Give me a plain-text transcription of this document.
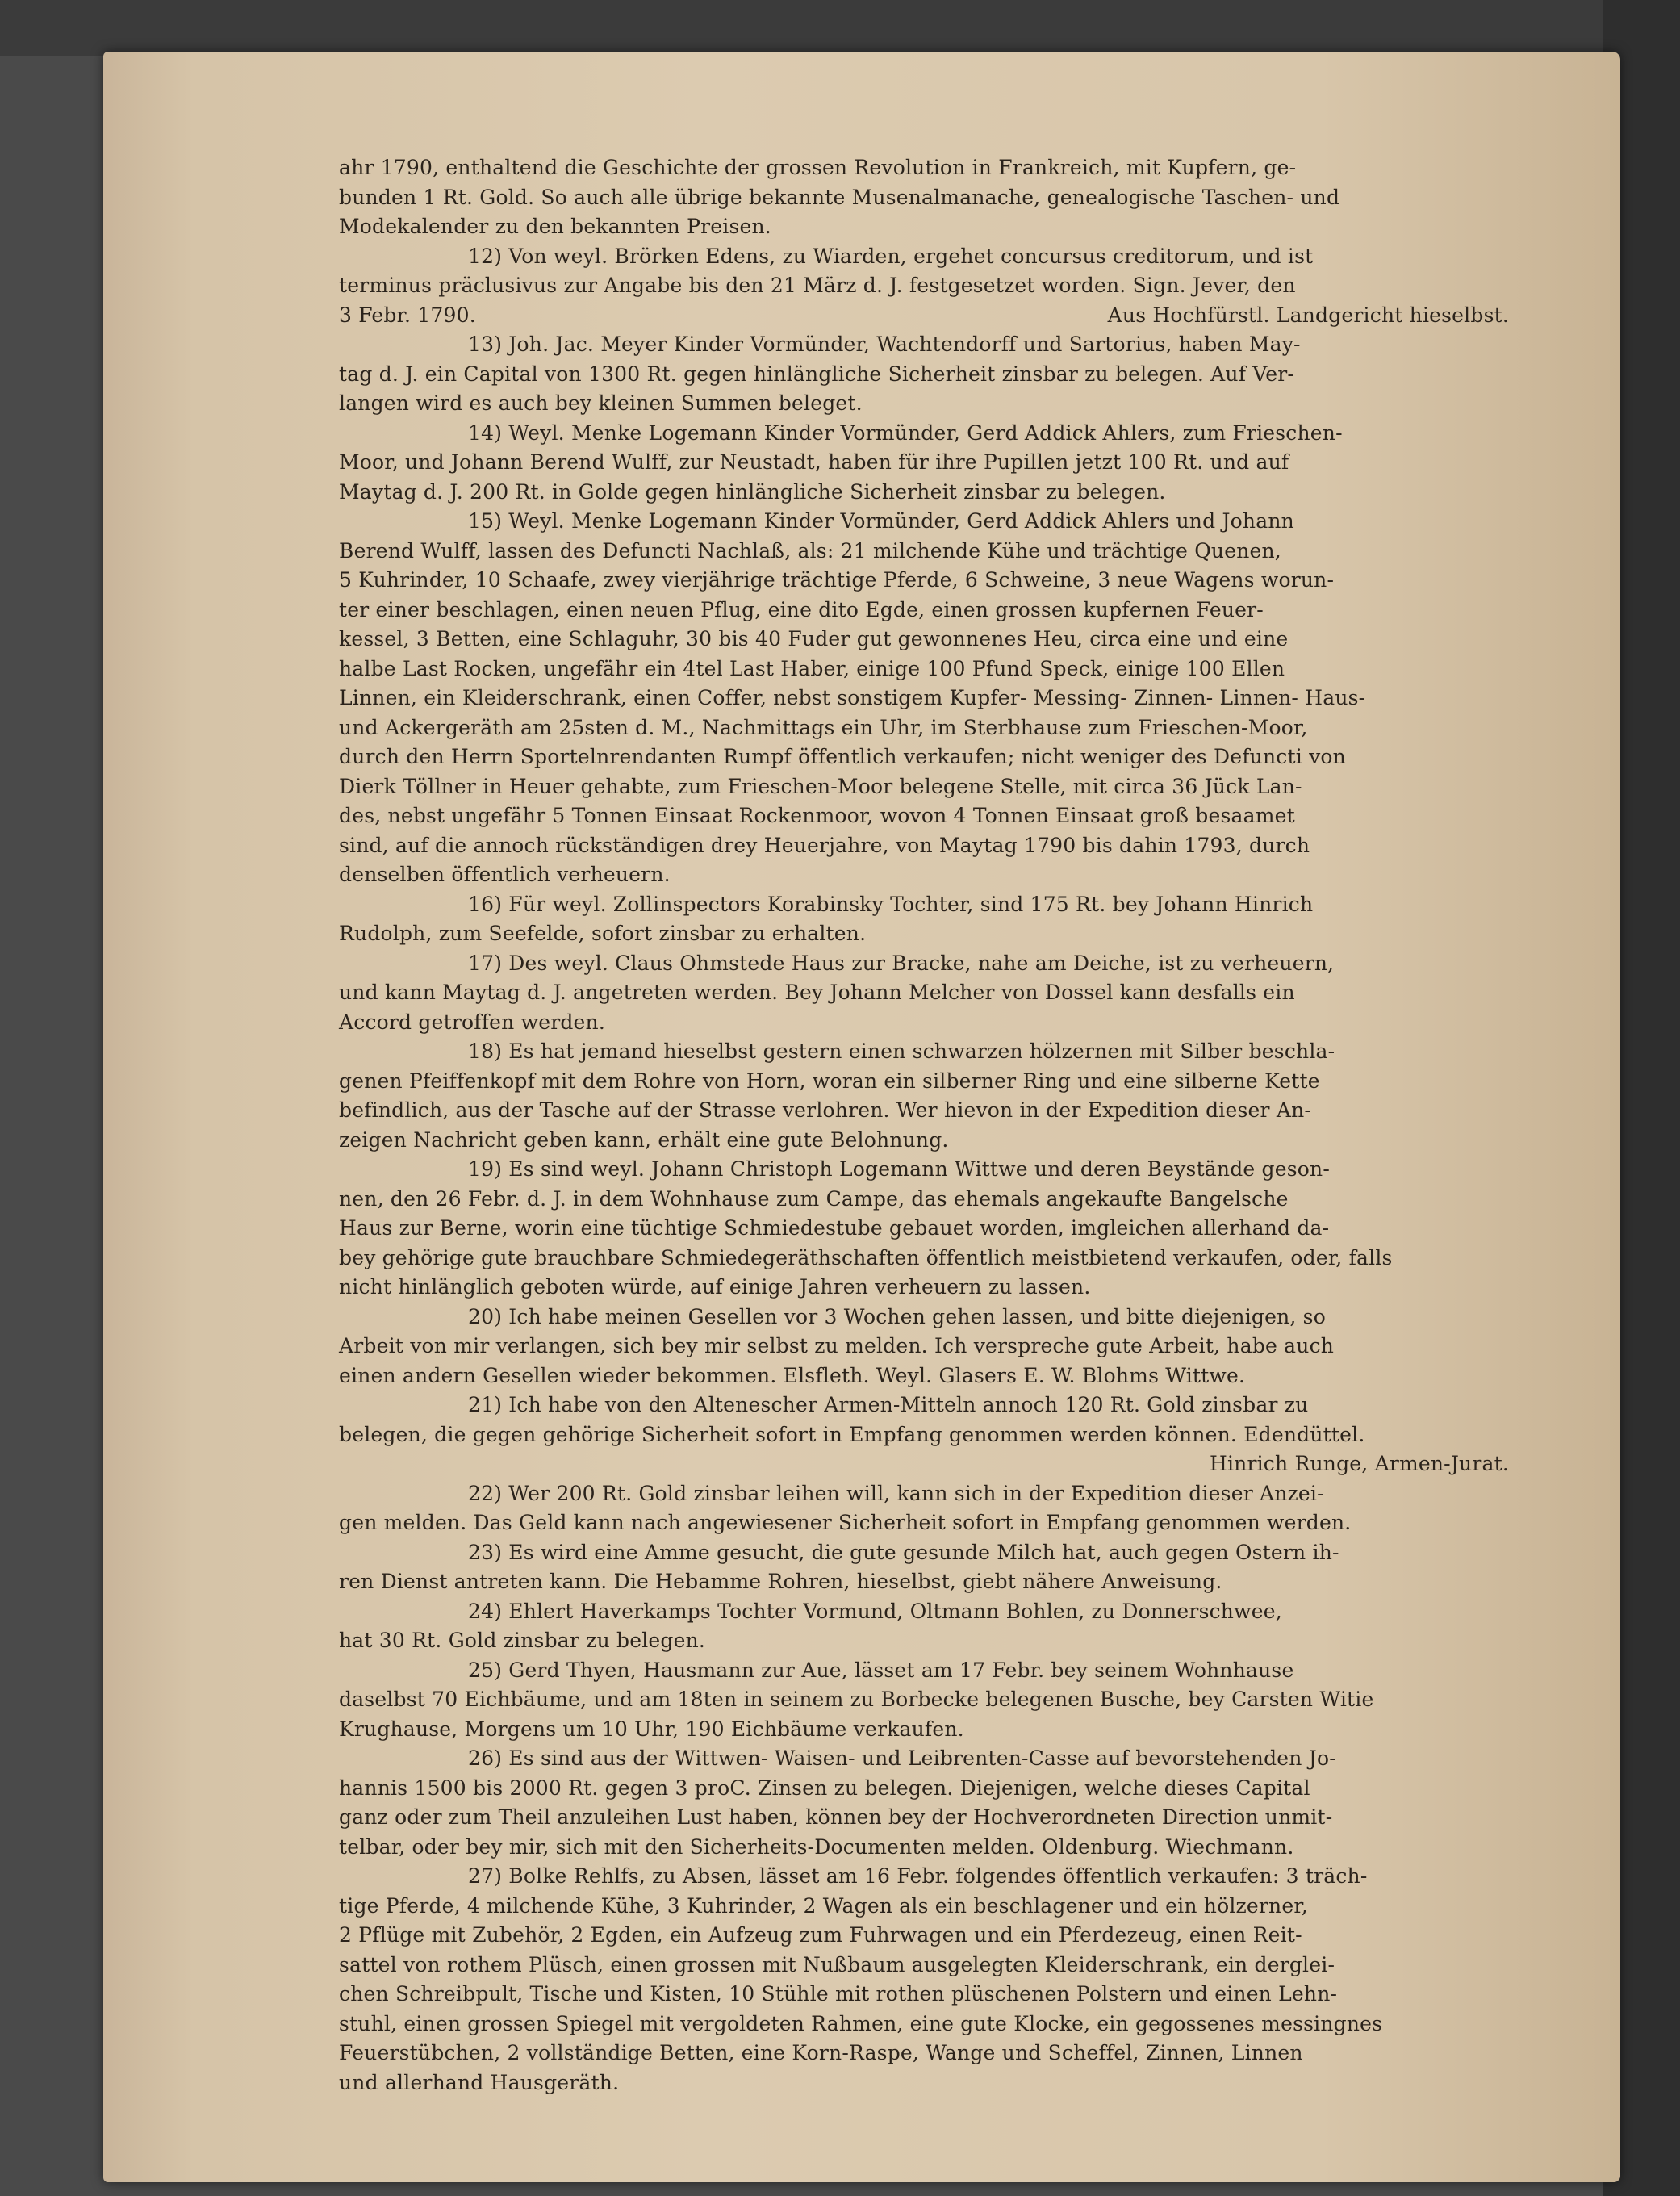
ahr 1790, enthaltend die Geschichte der grossen Revolution in Frankreich, mit Kupfern, ge-

bunden 1 Rt. Gold. So auch alle übrige bekannte Musenalmanache, genealogische Taschen- und

Modekalender zu den bekannten Preisen.

12) Von weyl. Brörken Edens, zu Wiarden, ergehet concursus creditorum, und ist

terminus präclusivus zur Angabe bis den 21 März d. J. festgesetzet worden. Sign. Jever, den

3 Febr. 1790.	Aus Hochfürstl. Landgericht hieselbst.

13) Joh. Jac. Meyer Kinder Vormünder, Wachtendorff und Sartorius, haben May-

tag d. J. ein Capital von 1300 Rt. gegen hinlängliche Sicherheit zinsbar zu belegen. Auf Ver-

langen wird es auch bey kleinen Summen beleget.

14) Weyl. Menke Logemann Kinder Vormünder, Gerd Addick Ahlers, zum Frieschen-

Moor, und Johann Berend Wulff, zur Neustadt, haben für ihre Pupillen jetzt 100 Rt. und auf

Maytag d. J. 200 Rt. in Golde gegen hinlängliche Sicherheit zinsbar zu belegen.

15) Weyl. Menke Logemann Kinder Vormünder, Gerd Addick Ahlers und Johann

Berend Wulff, lassen des Defuncti Nachlaß, als: 21 milchende Kühe und trächtige Quenen,

5 Kuhrinder, 10 Schaafe, zwey vierjährige trächtige Pferde, 6 Schweine, 3 neue Wagens worun-

ter einer beschlagen, einen neuen Pflug, eine dito Egde, einen grossen kupfernen Feuer-

kessel, 3 Betten, eine Schlaguhr, 30 bis 40 Fuder gut gewonnenes Heu, circa eine und eine

halbe Last Rocken, ungefähr ein 4tel Last Haber, einige 100 Pfund Speck, einige 100 Ellen

Linnen, ein Kleiderschrank, einen Coffer, nebst sonstigem Kupfer- Messing- Zinnen- Linnen- Haus-

und Ackergeräth am 25sten d. M., Nachmittags ein Uhr, im Sterbhause zum Frieschen-Moor,

durch den Herrn Sportelnrendanten Rumpf öffentlich verkaufen; nicht weniger des Defuncti von

Dierk Töllner in Heuer gehabte, zum Frieschen-Moor belegene Stelle, mit circa 36 Jück Lan-

des, nebst ungefähr 5 Tonnen Einsaat Rockenmoor, wovon 4 Tonnen Einsaat groß besaamet

sind, auf die annoch rückständigen drey Heuerjahre, von Maytag 1790 bis dahin 1793, durch

denselben öffentlich verheuern.

16) Für weyl. Zollinspectors Korabinsky Tochter, sind 175 Rt. bey Johann Hinrich

Rudolph, zum Seefelde, sofort zinsbar zu erhalten.

17) Des weyl. Claus Ohmstede Haus zur Bracke, nahe am Deiche, ist zu verheuern,

und kann Maytag d. J. angetreten werden. Bey Johann Melcher von Dossel kann desfalls ein

Accord getroffen werden.

18) Es hat jemand hieselbst gestern einen schwarzen hölzernen mit Silber beschla-

genen Pfeiffenkopf mit dem Rohre von Horn, woran ein silberner Ring und eine silberne Kette

befindlich, aus der Tasche auf der Strasse verlohren. Wer hievon in der Expedition dieser An-

zeigen Nachricht geben kann, erhält eine gute Belohnung.

19) Es sind weyl. Johann Christoph Logemann Wittwe und deren Beyständе geson-

nen, den 26 Febr. d. J. in dem Wohnhause zum Campe, das ehemals angekaufte Bangelsche

Haus zur Berne, worin eine tüchtige Schmiedestube gebauet worden, imgleichen allerhand da-

bey gehörige gute brauchbare Schmiedegeräthschaften öffentlich meistbietend verkaufen, oder, falls

nicht hinlänglich geboten würde, auf einige Jahren verheuern zu lassen.

20) Ich habe meinen Gesellen vor 3 Wochen gehen lassen, und bitte diejenigen, so

Arbeit von mir verlangen, sich bey mir selbst zu melden. Ich verspreche gute Arbeit, habe auch

einen andern Gesellen wieder bekommen. Elsfleth. Weyl. Glasers E. W. Blohms Wittwe.

21) Ich habe von den Altenescher Armen-Mitteln annoch 120 Rt. Gold zinsbar zu

belegen, die gegen gehörige Sicherheit sofort in Empfang genommen werden können. Edendüttel.

Hinrich Runge, Armen-Jurat.

22) Wer 200 Rt. Gold zinsbar leihen will, kann sich in der Expedition dieser Anzei-

gen melden. Das Geld kann nach angewiesener Sicherheit sofort in Empfang genommen werden.

23) Es wird eine Amme gesucht, die gute gesunde Milch hat, auch gegen Ostern ih-

ren Dienst antreten kann. Die Hebamme Rohren, hieselbst, giebt nähere Anweisung.

24) Ehlert Haverkamps Tochter Vormund, Oltmann Bohlen, zu Donnerschwee,

hat 30 Rt. Gold zinsbar zu belegen.

25) Gerd Thyen, Hausmann zur Aue, lässet am 17 Febr. bey seinem Wohnhause

daselbst 70 Eichbäume, und am 18ten in seinem zu Borbecke belegenen Busche, bey Carsten Witie

Krughause, Morgens um 10 Uhr, 190 Eichbäume verkaufen.

26) Es sind aus der Wittwen- Waisen- und Leibrenten-Casse auf bevorstehenden Jo-

hannis 1500 bis 2000 Rt. gegen 3 proC. Zinsen zu belegen. Diejenigen, welche dieses Capital

ganz oder zum Theil anzuleihen Lust haben, können bey der Hochverordneten Direction unmit-

telbar, oder bey mir, sich mit den Sicherheits-Documenten melden. Oldenburg. Wiechmann.

27) Bolke Rehlfs, zu Absen, lässet am 16 Febr. folgendes öffentlich verkaufen: 3 träch-

tige Pferde, 4 milchende Kühe, 3 Kuhrinder, 2 Wagen als ein beschlagener und ein hölzerner,

2 Pflüge mit Zubehör, 2 Egden, ein Aufzeug zum Fuhrwagen und ein Pferdezeug, einen Reit-

sattel von rothem Plüsch, einen grossen mit Nußbaum ausgelegten Kleiderschrank, ein derglei-

chen Schreibpult, Tische und Kisten, 10 Stühle mit rothen plüschenen Polstern und einen Lehn-

stuhl, einen grossen Spiegel mit vergoldeten Rahmen, eine gute Klocke, ein gegossenes messingnes

Feuerstübchen, 2 vollständige Betten, eine Korn-Raspe, Wange und Scheffel, Zinnen, Linnen

und allerhand Hausgeräth.
